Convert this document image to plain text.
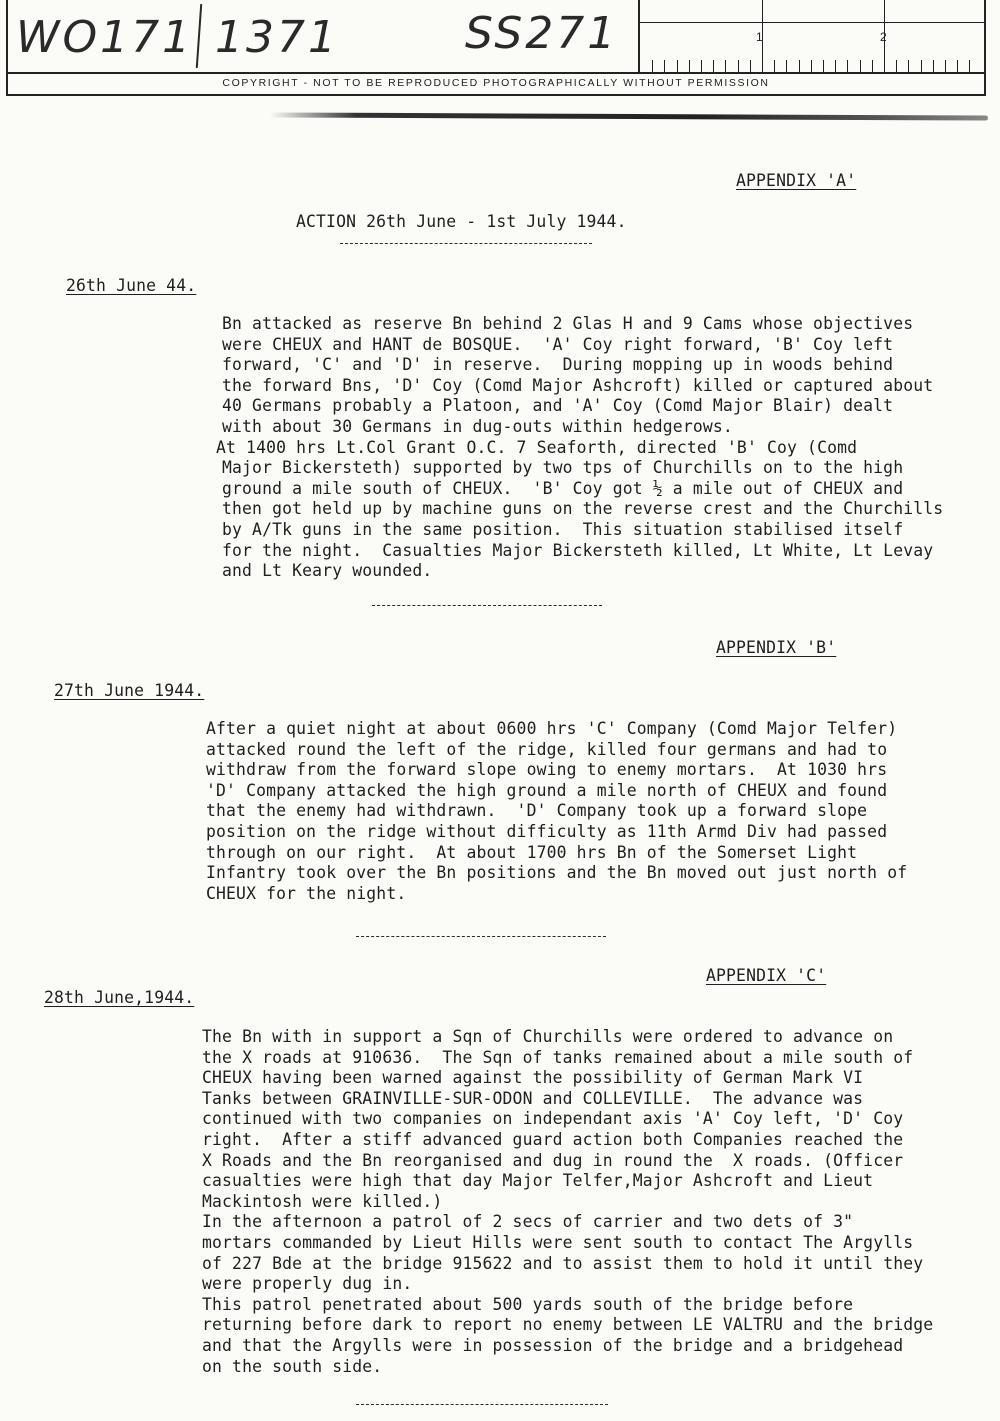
WO171 1371	SS271	1	2
COPYRIGHT - NOT TO BE REPRODUCED PHOTOGRAPHICALLY WITHOUT PERMISSION
ACTION 26th June - 1st July 1944.
APPENDIX 'A'
26th June 44.
Bn attacked as reserve Bn behind 2 Glas H and 9 Cams whose objectives
were CHEUX and HANT de BOSQUE.  'A' Coy right forward, 'B' Coy left
forward, 'C' and 'D' in reserve.  During mopping up in woods behind
the forward Bns, 'D' Coy (Comd Major Ashcroft) killed or captured about
40 Germans probably a Platoon, and 'A' Coy (Comd Major Blair) dealt
with about 30 Germans in dug-outs within hedgerows.
At 1400 hrs Lt.Col Grant O.C. 7 Seaforth, directed 'B' Coy (Comd
Major Bickersteth) supported by two tps of Churchills on to the high
ground a mile south of CHEUX.  'B' Coy got ½ a mile out of CHEUX and
then got held up by machine guns on the reverse crest and the Churchills
by A/Tk guns in the same position.  This situation stabilised itself
for the night.  Casualties Major Bickersteth killed, Lt White, Lt Levay
and Lt Keary wounded.
APPENDIX 'B'
27th June 1944.
After a quiet night at about 0600 hrs 'C' Company (Comd Major Telfer)
attacked round the left of the ridge, killed four germans and had to
withdraw from the forward slope owing to enemy mortars.  At 1030 hrs
'D' Company attacked the high ground a mile north of CHEUX and found
that the enemy had withdrawn.  'D' Company took up a forward slope
position on the ridge without difficulty as 11th Armd Div had passed
through on our right.  At about 1700 hrs Bn of the Somerset Light
Infantry took over the Bn positions and the Bn moved out just north of
CHEUX for the night.
APPENDIX 'C'
28th June,1944.
The Bn with in support a Sqn of Churchills were ordered to advance on
the X roads at 910636.  The Sqn of tanks remained about a mile south of
CHEUX having been warned against the possibility of German Mark VI
Tanks between GRAINVILLE-SUR-ODON and COLLEVILLE.  The advance was
continued with two companies on independant axis 'A' Coy left, 'D' Coy
right.  After a stiff advanced guard action both Companies reached the
X Roads and the Bn reorganised and dug in round the  X roads. (Officer
casualties were high that day Major Telfer,Major Ashcroft and Lieut
Mackintosh were killed.)
In the afternoon a patrol of 2 secs of carrier and two dets of 3"
mortars commanded by Lieut Hills were sent south to contact The Argylls
of 227 Bde at the bridge 915622 and to assist them to hold it until they
were properly dug in.
This patrol penetrated about 500 yards south of the bridge before
returning before dark to report no enemy between LE VALTRU and the bridge
and that the Argylls were in possession of the bridge and a bridgehead
on the south side.
